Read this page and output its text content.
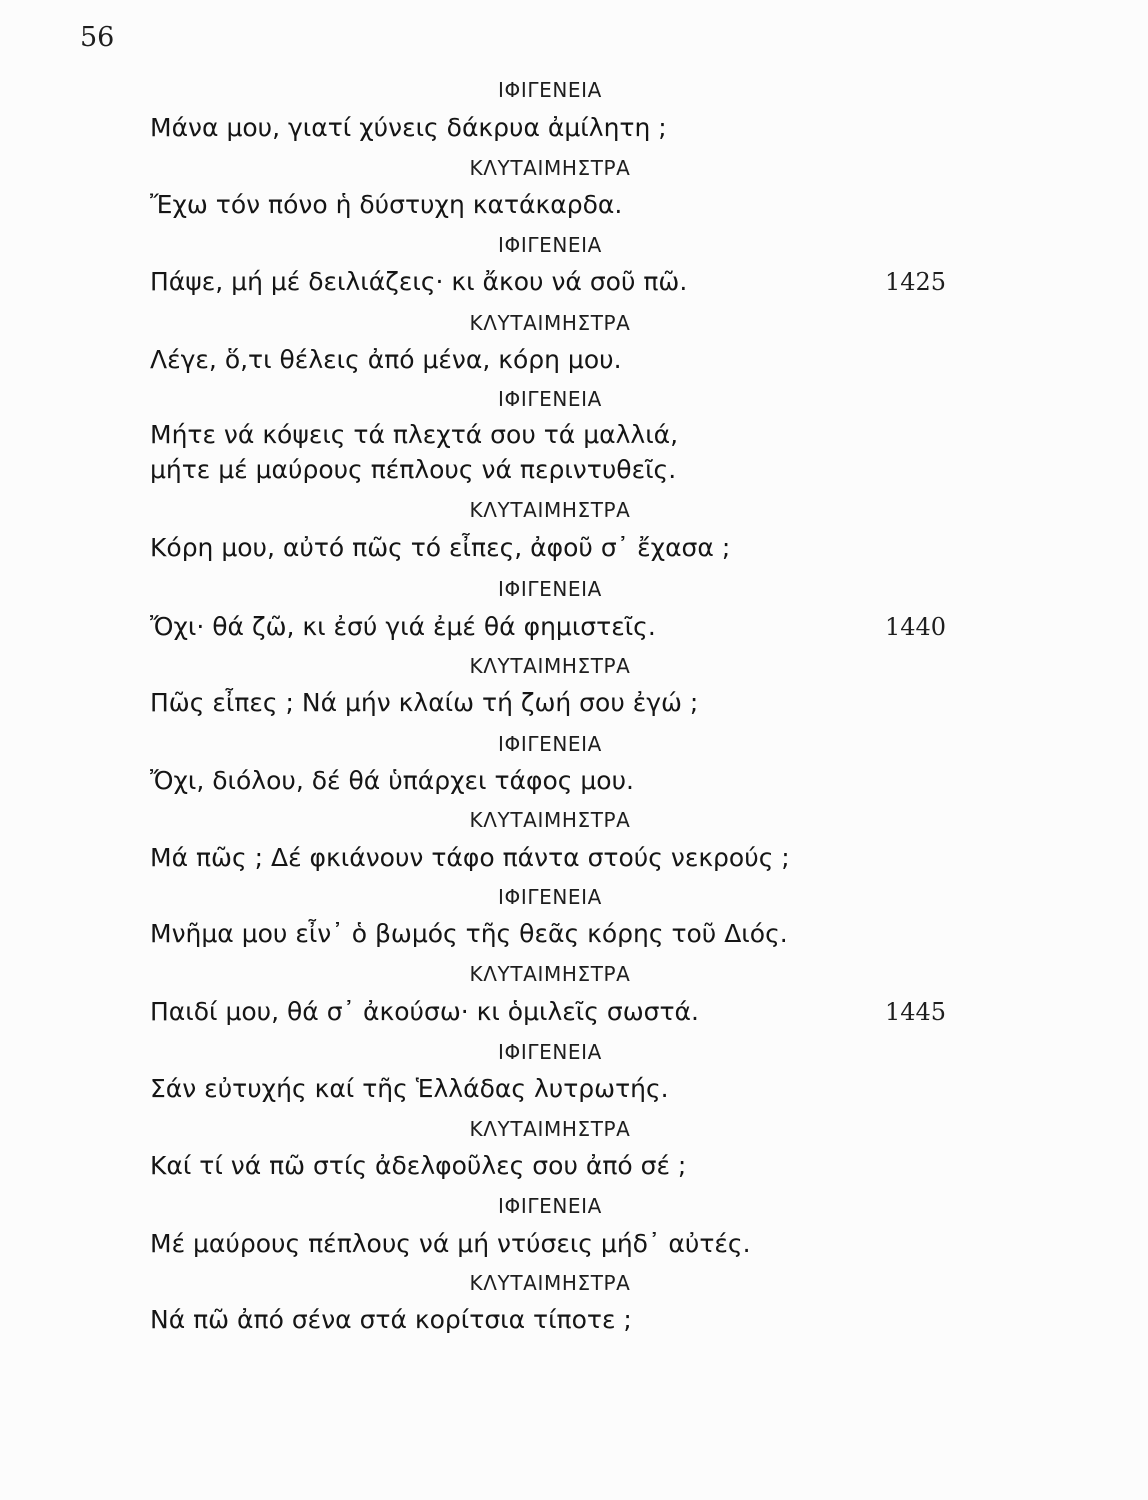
56
ΙΦΙΓΕΝΕΙΑ
Μάνα μου, γιατί χύνεις δάκρυα ἀμίλητη ;
ΚΛΥΤΑΙΜΗΣΤΡΑ
Ἔχω τόν πόνο ἡ δύστυχη κατάκαρδα.
ΙΦΙΓΕΝΕΙΑ
Πάψε, μή μέ δειλιάζεις· κι ἄκου νά σοῦ πῶ.
ΚΛΥΤΑΙΜΗΣΤΡΑ
Λέγε, ὅ,τι θέλεις ἀπό μένα, κόρη μου.
ΙΦΙΓΕΝΕΙΑ
Μήτε νά κόψεις τά πλεχτά σου τά μαλλιά,
μήτε μέ μαύρους πέπλους νά περιντυθεῖς.
ΚΛΥΤΑΙΜΗΣΤΡΑ
Κόρη μου, αὐτό πῶς τό εἶπες, ἀφοῦ σ᾿ ἔχασα ;
ΙΦΙΓΕΝΕΙΑ
Ὄχι· θά ζῶ, κι ἐσύ γιά ἐμέ θά φημιστεῖς.
ΚΛΥΤΑΙΜΗΣΤΡΑ
Πῶς εἶπες ; Νά μήν κλαίω τή ζωή σου ἐγώ ;
ΙΦΙΓΕΝΕΙΑ
Ὄχι, διόλου, δέ θά ὑπάρχει τάφος μου.
ΚΛΥΤΑΙΜΗΣΤΡΑ
Μά πῶς ; Δέ φκιάνουν τάφο πάντα στούς νεκρούς ;
ΙΦΙΓΕΝΕΙΑ
Μνῆμα μου εἶν᾿ ὁ βωμός τῆς θεᾶς κόρης τοῦ Διός.
ΚΛΥΤΑΙΜΗΣΤΡΑ
Παιδί μου, θά σ᾿ ἀκούσω· κι ὁμιλεῖς σωστά.
ΙΦΙΓΕΝΕΙΑ
Σάν εὐτυχής καί τῆς Ἑλλάδας λυτρωτής.
ΚΛΥΤΑΙΜΗΣΤΡΑ
Καί τί νά πῶ στίς ἀδελφοῦλες σου ἀπό σέ ;
ΙΦΙΓΕΝΕΙΑ
Μέ μαύρους πέπλους νά μή ντύσεις μήδ᾿ αὐτές.
ΚΛΥΤΑΙΜΗΣΤΡΑ
Νά πῶ ἀπό σένα στά κορίτσια τίποτε ;
1425
1440
1445
